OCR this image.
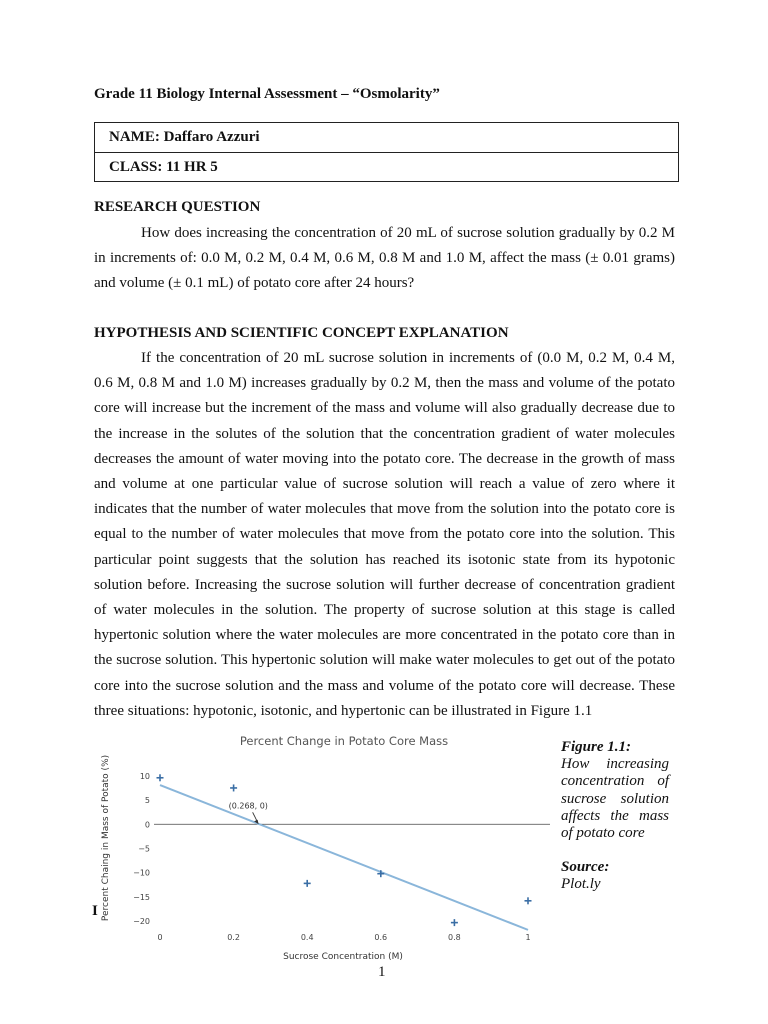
Grade 11 Biology Internal Assessment – “Osmolarity”
NAME: Daffaro Azzuri
CLASS: 11 HR 5
RESEARCH QUESTION

How does increasing the concentration of 20 mL of sucrose solution gradually by 0.2 M in increments of: 0.0 M, 0.2 M, 0.4 M, 0.6 M, 0.8 M and 1.0 M, affect the mass (± 0.01 grams) and volume (± 0.1 mL) of potato core after 24 hours?

HYPOTHESIS AND SCIENTIFIC CONCEPT EXPLANATION

If the concentration of 20 mL sucrose solution in increments of (0.0 M, 0.2 M, 0.4 M, 0.6 M, 0.8 M and 1.0 M) increases gradually by 0.2 M, then the mass and volume of the potato core will increase but the increment of the mass and volume will also gradually decrease due to the increase in the solutes of the solution that the concentration gradient of water molecules decreases the amount of water moving into the potato core. The decrease in the growth of mass and volume at one particular value of sucrose solution will reach a value of zero where it indicates that the number of water molecules that move from the solution into the potato core is equal to the number of water molecules that move from the potato core into the solution. This particular point suggests that the solution has reached its isotonic state from its hypotonic solution before. Increasing the sucrose solution will further decrease of concentration gradient of water molecules in the solution. The property of sucrose solution at this stage is called hypertonic solution where the water molecules are more concentrated in the potato core than in the sucrose solution. This hypertonic solution will make water molecules to get out of the potato core into the sucrose solution and the mass and volume of the potato core will decrease. These three situations: hypotonic, isotonic, and hypertonic can be illustrated in Figure 1.1

Percent Change in Potato Core Mass
Percent Chaing in Mass of Potato (%)
Sucrose Concentration (M)
10
5
0
−5
−10
−15
−20
0	0.2	0.4	0.6	0.8	1
(0.268, 0)
Figure 1.1:
How increasing concentration of sucrose solution affects the mass of potato core
Source:
Plot.ly
I
1
